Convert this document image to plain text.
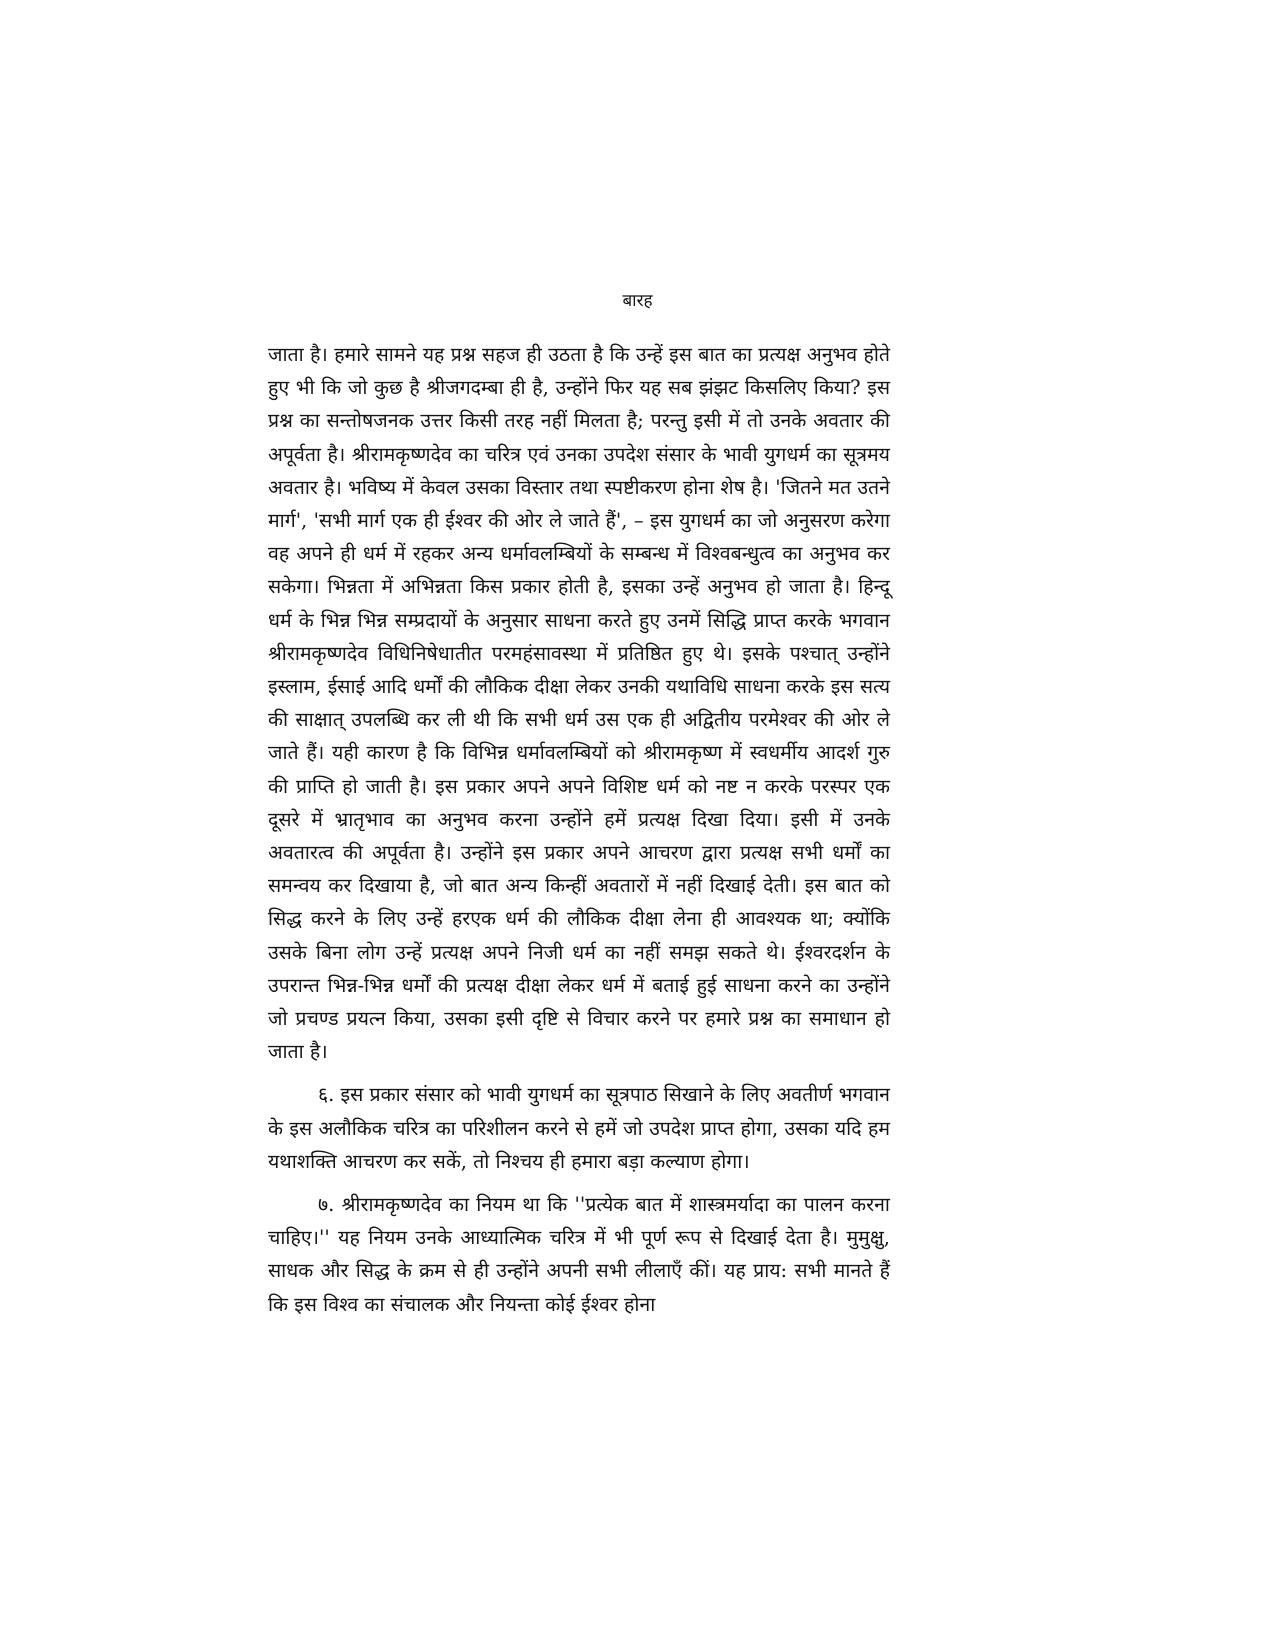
बारह

जाता है। हमारे सामने यह प्रश्न सहज ही उठता है कि उन्हें इस बात का प्रत्यक्ष अनुभव होते हुए भी कि जो कुछ है श्रीजगदम्बा ही है, उन्होंने फिर यह सब झंझट किसलिए किया? इस प्रश्न का सन्तोषजनक उत्तर किसी तरह नहीं मिलता है; परन्तु इसी में तो उनके अवतार की अपूर्वता है। श्रीरामकृष्णदेव का चरित्र एवं उनका उपदेश संसार के भावी युगधर्म का सूत्रमय अवतार है। भविष्य में केवल उसका विस्तार तथा स्पष्टीकरण होना शेष है। 'जितने मत उतने मार्ग', 'सभी मार्ग एक ही ईश्वर की ओर ले जाते हैं', – इस युगधर्म का जो अनुसरण करेगा वह अपने ही धर्म में रहकर अन्य धर्मावलम्बियों के सम्बन्ध में विश्वबन्धुत्व का अनुभव कर सकेगा। भिन्नता में अभिन्नता किस प्रकार होती है, इसका उन्हें अनुभव हो जाता है। हिन्दू धर्म के भिन्न भिन्न सम्प्रदायों के अनुसार साधना करते हुए उनमें सिद्धि प्राप्त करके भगवान श्रीरामकृष्णदेव विधिनिषेधातीत परमहंसावस्था में प्रतिष्ठित हुए थे। इसके पश्चात् उन्होंने इस्लाम, ईसाई आदि धर्मों की लौकिक दीक्षा लेकर उनकी यथाविधि साधना करके इस सत्य की साक्षात् उपलब्धि कर ली थी कि सभी धर्म उस एक ही अद्वितीय परमेश्वर की ओर ले जाते हैं। यही कारण है कि विभिन्न धर्मावलम्बियों को श्रीरामकृष्ण में स्वधर्मीय आदर्श गुरु की प्राप्ति हो जाती है। इस प्रकार अपने अपने विशिष्ट धर्म को नष्ट न करके परस्पर एक दूसरे में भ्रातृभाव का अनुभव करना उन्होंने हमें प्रत्यक्ष दिखा दिया। इसी में उनके अवतारत्व की अपूर्वता है। उन्होंने इस प्रकार अपने आचरण द्वारा प्रत्यक्ष सभी धर्मों का समन्वय कर दिखाया है, जो बात अन्य किन्हीं अवतारों में नहीं दिखाई देती। इस बात को सिद्ध करने के लिए उन्हें हरएक धर्म की लौकिक दीक्षा लेना ही आवश्यक था; क्योंकि उसके बिना लोग उन्हें प्रत्यक्ष अपने निजी धर्म का नहीं समझ सकते थे। ईश्वरदर्शन के उपरान्त भिन्न-भिन्न धर्मों की प्रत्यक्ष दीक्षा लेकर धर्म में बताई हुई साधना करने का उन्होंने जो प्रचण्ड प्रयत्न किया, उसका इसी दृष्टि से विचार करने पर हमारे प्रश्न का समाधान हो जाता है।

६. इस प्रकार संसार को भावी युगधर्म का सूत्रपाठ सिखाने के लिए अवतीर्ण भगवान के इस अलौकिक चरित्र का परिशीलन करने से हमें जो उपदेश प्राप्त होगा, उसका यदि हम यथाशक्ति आचरण कर सकें, तो निश्चय ही हमारा बड़ा कल्याण होगा।

७. श्रीरामकृष्णदेव का नियम था कि ''प्रत्येक बात में शास्त्रमर्यादा का पालन करना चाहिए।'' यह नियम उनके आध्यात्मिक चरित्र में भी पूर्ण रूप से दिखाई देता है। मुमुक्षु, साधक और सिद्ध के क्रम से ही उन्होंने अपनी सभी लीलाएँ कीं। यह प्राय: सभी मानते हैं कि इस विश्व का संचालक और नियन्ता कोई ईश्वर होना
